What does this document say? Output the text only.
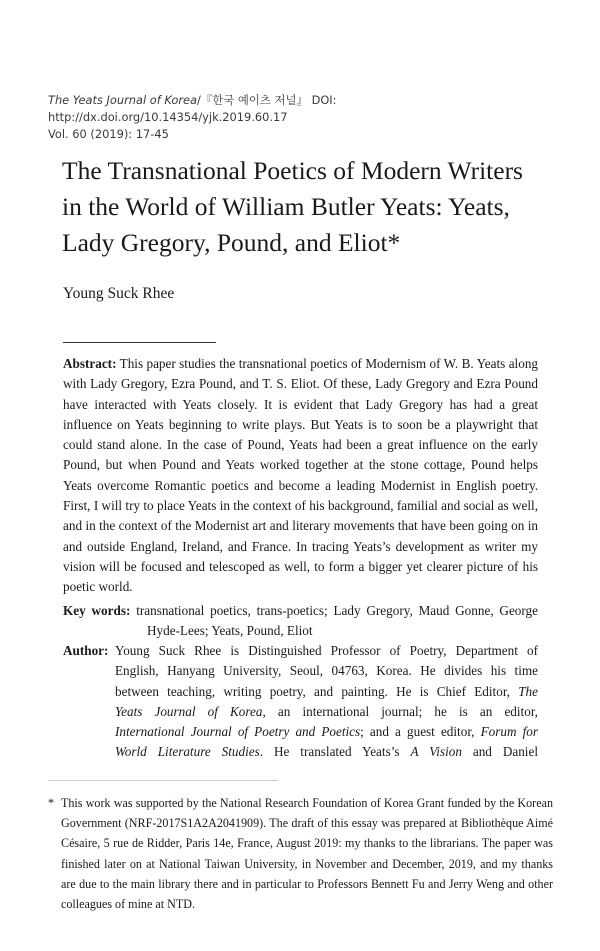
The Yeats Journal of Korea/『한국 예이츠 저널』 DOI: http://dx.doi.org/10.14354/yjk.2019.60.17
Vol. 60 (2019): 17-45
The Transnational Poetics of Modern Writers
in the World of William Butler Yeats: Yeats,
Lady Gregory, Pound, and Eliot*
Young Suck Rhee
Abstract: This paper studies the transnational poetics of Modernism of W. B. Yeats along with Lady Gregory, Ezra Pound, and T. S. Eliot. Of these, Lady Gregory and Ezra Pound have interacted with Yeats closely. It is evident that Lady Gregory has had a great influence on Yeats beginning to write plays. But Yeats is to soon be a playwright that could stand alone. In the case of Pound, Yeats had been a great influence on the early Pound, but when Pound and Yeats worked together at the stone cottage, Pound helps Yeats overcome Romantic poetics and become a leading Modernist in English poetry. First, I will try to place Yeats in the context of his background, familial and social as well, and in the context of the Modernist art and literary movements that have been going on in and outside England, Ireland, and France. In tracing Yeats’s development as writer my vision will be focused and telescoped as well, to form a bigger yet clearer picture of his poetic world.
Key words: transnational poetics, trans-poetics; Lady Gregory, Maud Gonne, George
Hyde-Lees; Yeats, Pound, Eliot
Author: Young Suck Rhee is Distinguished Professor of Poetry, Department of
English, Hanyang University, Seoul, 04763, Korea. He divides his time
between teaching, writing poetry, and painting. He is Chief Editor, The
Yeats Journal of Korea, an international journal; he is an editor,
International Journal of Poetry and Poetics; and a guest editor, Forum for
World Literature Studies. He translated Yeats’s A Vision and Daniel
* This work was supported by the National Research Foundation of Korea Grant funded by the Korean Government (NRF-2017S1A2A2041909). The draft of this essay was prepared at Bibliothèque Aimé Césaire, 5 rue de Ridder, Paris 14e, France, August 2019: my thanks to the librarians. The paper was finished later on at National Taiwan University, in November and December, 2019, and my thanks are due to the main library there and in particular to Professors Bennett Fu and Jerry Weng and other colleagues of mine at NTD.
